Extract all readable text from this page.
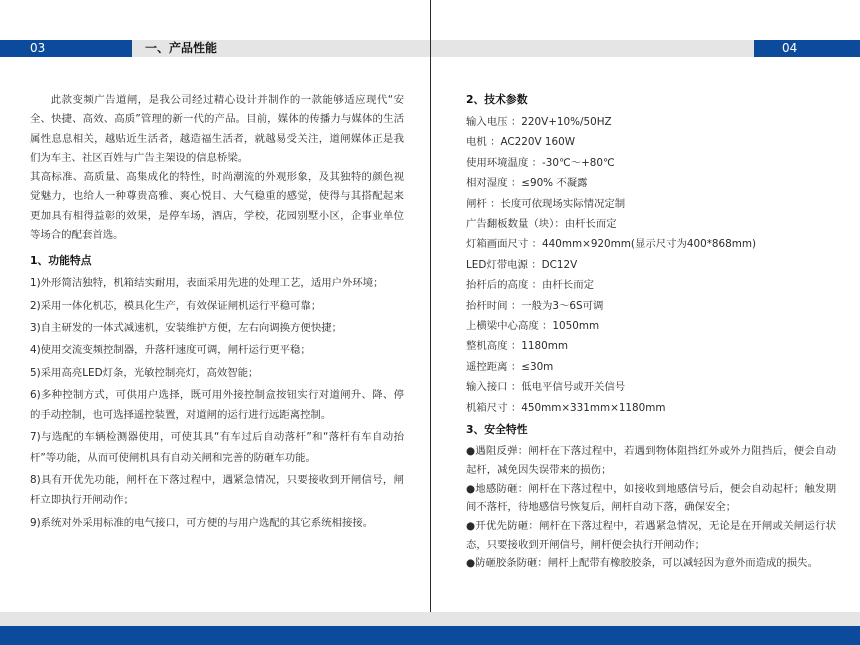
03	一、产品性能	04

此款变频广告道闸，是我公司经过精心设计并制作的一款能够适应现代“安全、快捷、高效、高质”管理的新一代的产品。目前，媒体的传播力与媒体的生活属性息息相关，越贴近生活者，越造福生活者，就越易受关注，道闸媒体正是我们为车主、社区百姓与广告主架设的信息桥梁。

其高标准、高质量、高集成化的特性，时尚潮流的外观形象，及其独特的颜色视觉魅力，也给人一种尊贵高雅、爽心悦目、大气稳重的感觉，使得与其搭配起来更加具有相得益彰的效果，是停车场，酒店，学校，花园别墅小区，企事业单位等场合的配套首选。

1、功能特点

1)外形简洁独特，机箱结实耐用，表面采用先进的处理工艺，适用户外环境；

2)采用一体化机芯，模具化生产，有效保证闸机运行平稳可靠；

3)自主研发的一体式减速机，安装维护方便，左右向调换方便快捷；

4)使用交流变频控制器，升落杆速度可调，闸杆运行更平稳；

5)采用高亮LED灯条，光敏控制亮灯，高效智能；

6)多种控制方式，可供用户选择，既可用外接控制盒按钮实行对道闸升、降、停的手动控制，也可选择遥控装置，对道闸的运行进行远距离控制。

7)与选配的车辆检测器使用，可使其具“有车过后自动落杆”和“落杆有车自动抬杆”等功能，从而可使闸机具有自动关闸和完善的防砸车功能。

8)具有开优先功能，闸杆在下落过程中，遇紧急情况，只要接收到开闸信号，闸杆立即执行开闸动作；

9)系统对外采用标准的电气接口，可方便的与用户选配的其它系统相接接。

2、技术参数

输入电压 ：220V+10%/50HZ

电机 ：AC220V 160W

使用环境温度 ：-30℃～+80℃

相对湿度 ：≤90% 不凝露

闸杆 ：长度可依现场实际情况定制

广告翻板数量（块）：由杆长而定

灯箱画面尺寸 ：440mm×920mm(显示尺寸为400*868mm)

LED灯带电源 ：DC12V

抬杆后的高度 ：由杆长而定

抬杆时间 ：一般为3～6S可调

上横梁中心高度 ：1050mm

整机高度 ：1180mm

遥控距离 ：≤30m

输入接口 ：低电平信号或开关信号

机箱尺寸 ：450mm×331mm×1180mm

3、安全特性

●遇阻反弹：闸杆在下落过程中，若遇到物体阻挡红外或外力阻挡后，便会自动起杆，减免因失误带来的损伤；

●地感防砸：闸杆在下落过程中，如接收到地感信号后，便会自动起杆；触发期间不落杆，待地感信号恢复后，闸杆自动下落，确保安全；

●开优先防砸：闸杆在下落过程中，若遇紧急情况，无论是在开闸或关闸运行状态，只要接收到开闸信号，闸杆便会执行开闸动作；

●防砸胶条防砸：闸杆上配带有橡胶胶条，可以减轻因为意外而造成的损失。
